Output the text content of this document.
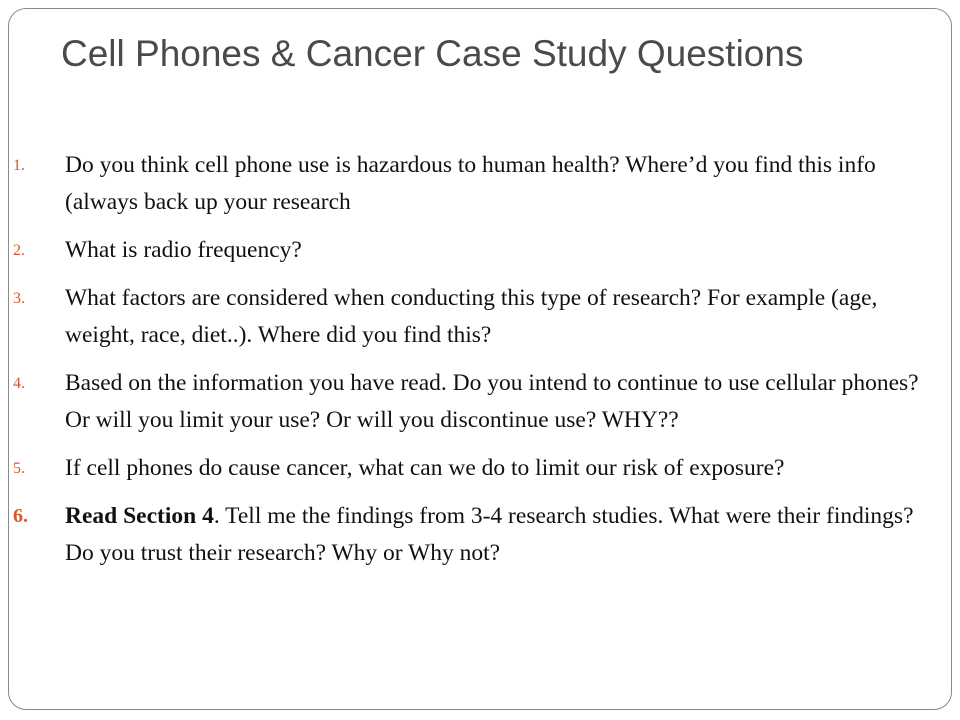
Cell Phones & Cancer Case Study Questions
1. Do you think cell phone use is hazardous to human health? Where’d you find this info (always back up your research
2. What is radio frequency?
3. What factors are considered when conducting this type of research? For example (age, weight, race, diet..). Where did you find this?
4. Based on the information you have read. Do you intend to continue to use cellular phones? Or will you limit your use? Or will you discontinue use? WHY??
5. If cell phones do cause cancer, what can we do to limit our risk of exposure?
6. Read Section 4. Tell me the findings from 3-4 research studies. What were their findings? Do you trust their research? Why or Why not?
